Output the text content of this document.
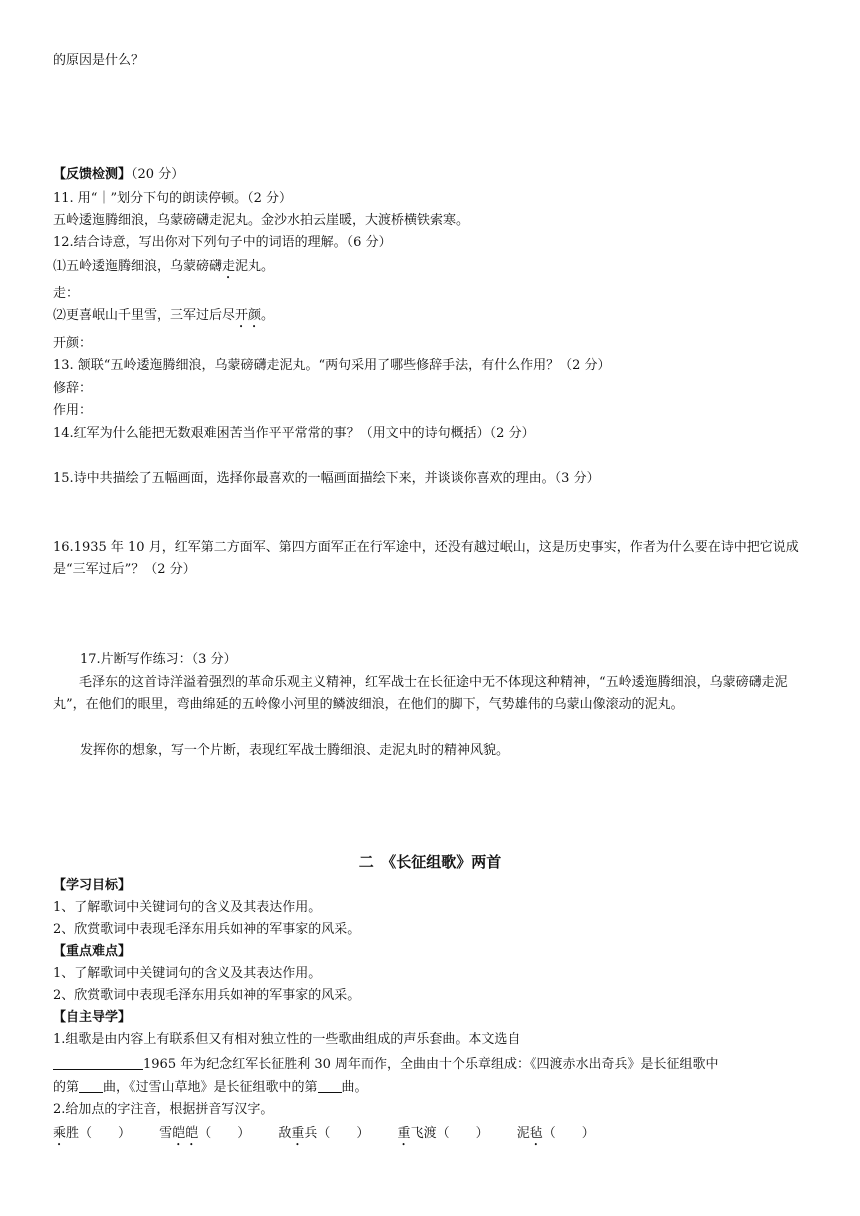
的原因是什么？
【反馈检测】（20 分）
11. 用“｜”划分下句的朗读停顿。（2 分）
五岭逶迤腾细浪，乌蒙磅礴走泥丸。金沙水拍云崖暖，大渡桥横铁索寒。
12.结合诗意，写出你对下列句子中的词语的理解。（6 分）
⑴五岭逶迤腾细浪，乌蒙磅礴走泥丸。
走：
⑵更喜岷山千里雪，三军过后尽开颜。
开颜：
13. 颔联“五岭逶迤腾细浪，乌蒙磅礴走泥丸。“两句采用了哪些修辞手法，有什么作用？（2 分）
修辞：
作用：
14.红军为什么能把无数艰难困苦当作平平常常的事？（用文中的诗句概括）（2 分）
15.诗中共描绘了五幅画面，选择你最喜欢的一幅画面描绘下来，并谈谈你喜欢的理由。（3 分）
16.1935 年 10 月，红军第二方面军、第四方面军正在行军途中，还没有越过岷山，这是历史事实，作者为什么要在诗中把它说成是“三军过后”？（2 分）
17.片断写作练习：（3 分）
毛泽东的这首诗洋溢着强烈的革命乐观主义精神，红军战士在长征途中无不体现这种精神，“五岭逶迤腾细浪，乌蒙磅礴走泥丸”，在他们的眼里，弯曲绵延的五岭像小河里的鳞波细浪，在他们的脚下，气势雄伟的乌蒙山像滚动的泥丸。
发挥你的想象，写一个片断，表现红军战士腾细浪、走泥丸时的精神风貌。
二　《长征组歌》两首
【学习目标】
1、了解歌词中关键词句的含义及其表达作用。
2、欣赏歌词中表现毛泽东用兵如神的军事家的风采。
【重点难点】
1、了解歌词中关键词句的含义及其表达作用。
2、欣赏歌词中表现毛泽东用兵如神的军事家的风采。
【自主导学】
1.组歌是由内容上有联系但又有相对独立性的一些歌曲组成的声乐套曲。本文选自
1965 年为纪念红军长征胜利 30 周年而作，全曲由十个乐章组成：《四渡赤水出奇兵》是长征组歌中
的第 曲，《过雪山草地》是长征组歌中的第 曲。
2.给加点的字注音，根据拼音写汉字。
乘胜（　　） 雪皑皑（　　） 敌重兵（　　） 重飞渡（　　） 泥毡（　　）
